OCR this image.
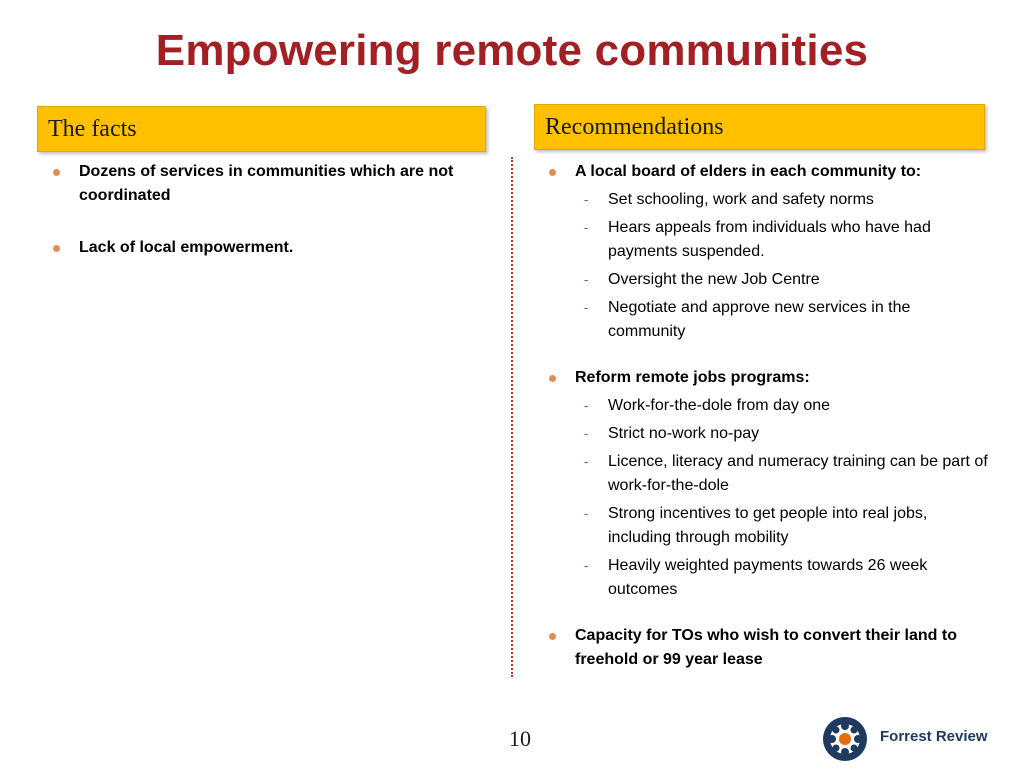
Empowering remote communities
The facts	Recommendations
Dozens of services in communities which are not coordinated
Lack of local empowerment.
A local board of elders in each community to:
- Set schooling, work and safety norms
- Hears appeals from individuals who have had payments suspended.
- Oversight the new Job Centre
- Negotiate and approve new services in the community
Reform remote jobs programs:
- Work-for-the-dole from day one
- Strict no-work no-pay
- Licence, literacy and numeracy training can be part of work-for-the-dole
- Strong incentives to get people into real jobs, including through mobility
- Heavily weighted payments towards 26 week outcomes
Capacity for TOs who wish to convert their land to freehold or 99 year lease
10	Forrest Review
